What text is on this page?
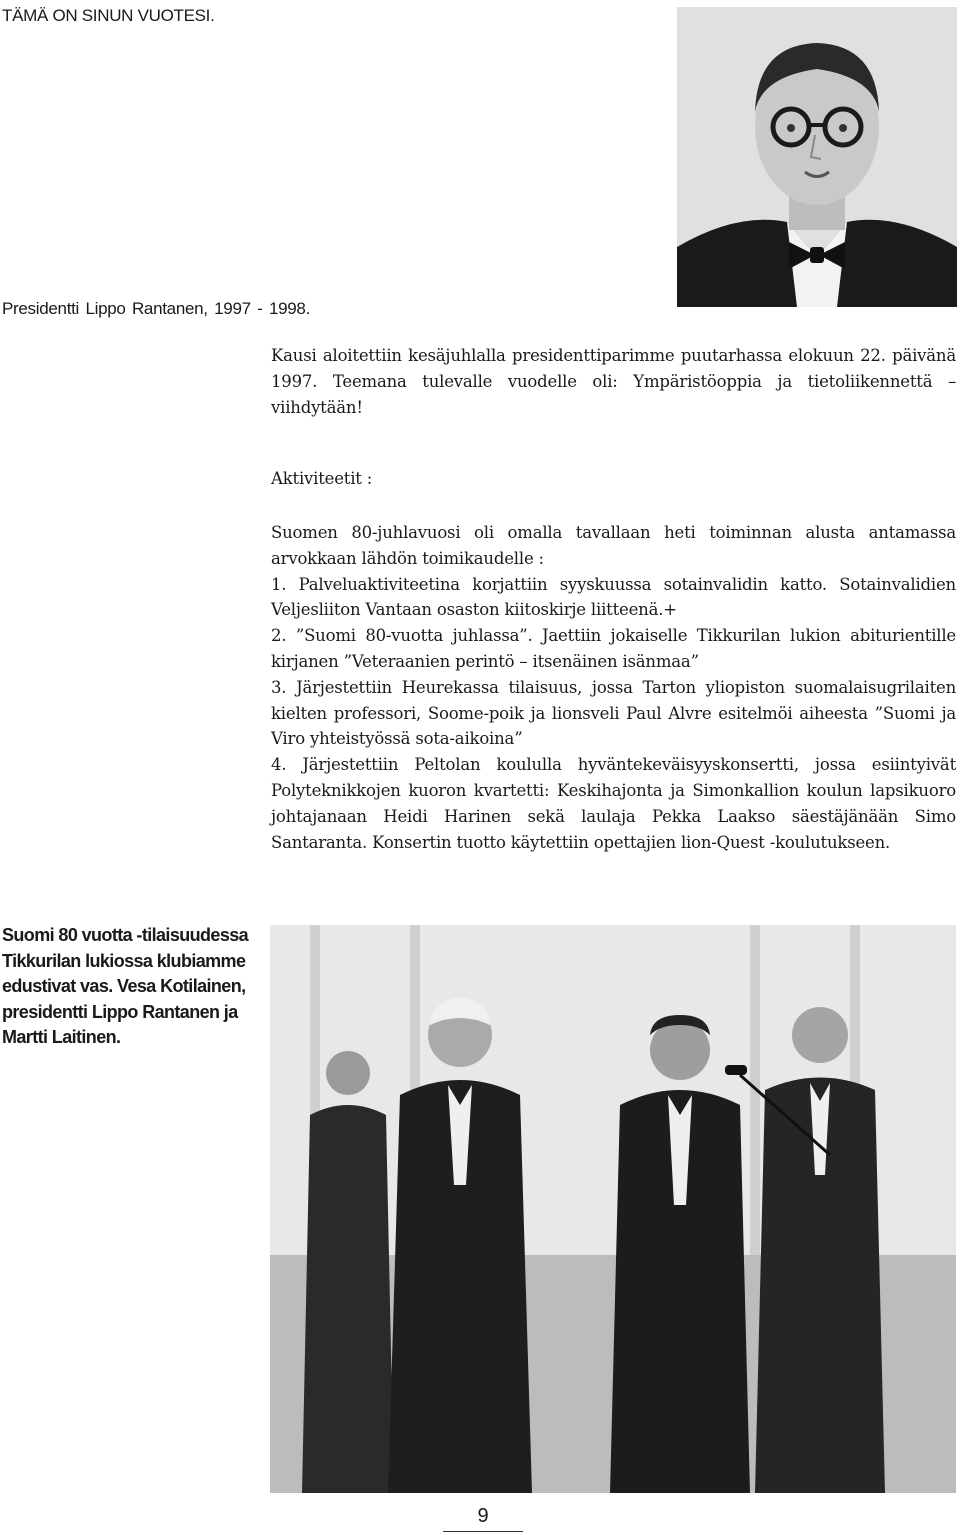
TÄMÄ ON SINUN VUOTESI.
Presidentti Lippo Rantanen, 1997 - 1998.

Kausi aloitettiin kesäjuhlalla presidenttiparimme puutarhassa elokuun 22. päivänä 1997. Teemana tulevalle vuodelle oli: Ympäristöoppia ja tietoliikennettä – viihdytään!

Aktiviteetit :

Suomen 80-juhlavuosi oli omalla tavallaan heti toiminnan alusta antamassa arvokkaan lähdön toimikaudelle :

1. Palveluaktiviteetina korjattiin syyskuussa sotainvalidin katto. Sotainvalidien Veljesliiton Vantaan osaston kiitoskirje liitteenä.+

2. ”Suomi 80-vuotta juhlassa”. Jaettiin jokaiselle Tikkurilan lukion abiturientille kirjanen ”Veteraanien perintö – itsenäinen isänmaa”

3. Järjestettiin Heurekassa tilaisuus, jossa Tarton yliopiston suomalaisugrilaiten kielten professori, Soome-poik ja lionsveli Paul Alvre esitelmöi aiheesta ”Suomi ja Viro yhteistyössä sota-aikoina”

4. Järjestettiin Peltolan koululla hyväntekeväisyyskonsertti, jossa esiintyivät Polyteknikkojen kuoron kvartetti: Keskihajonta ja Simonkallion koulun lapsikuoro johtajanaan Heidi Harinen sekä laulaja Pekka Laakso säestäjänään Simo Santaranta. Konsertin tuotto käytettiin opettajien lion-Quest -koulutukseen.

Suomi 80 vuotta -tilaisuudessa Tikkurilan lukiossa klubiamme edustivat vas. Vesa Kotilainen, presidentti Lippo Rantanen ja Martti Laitinen.
9
